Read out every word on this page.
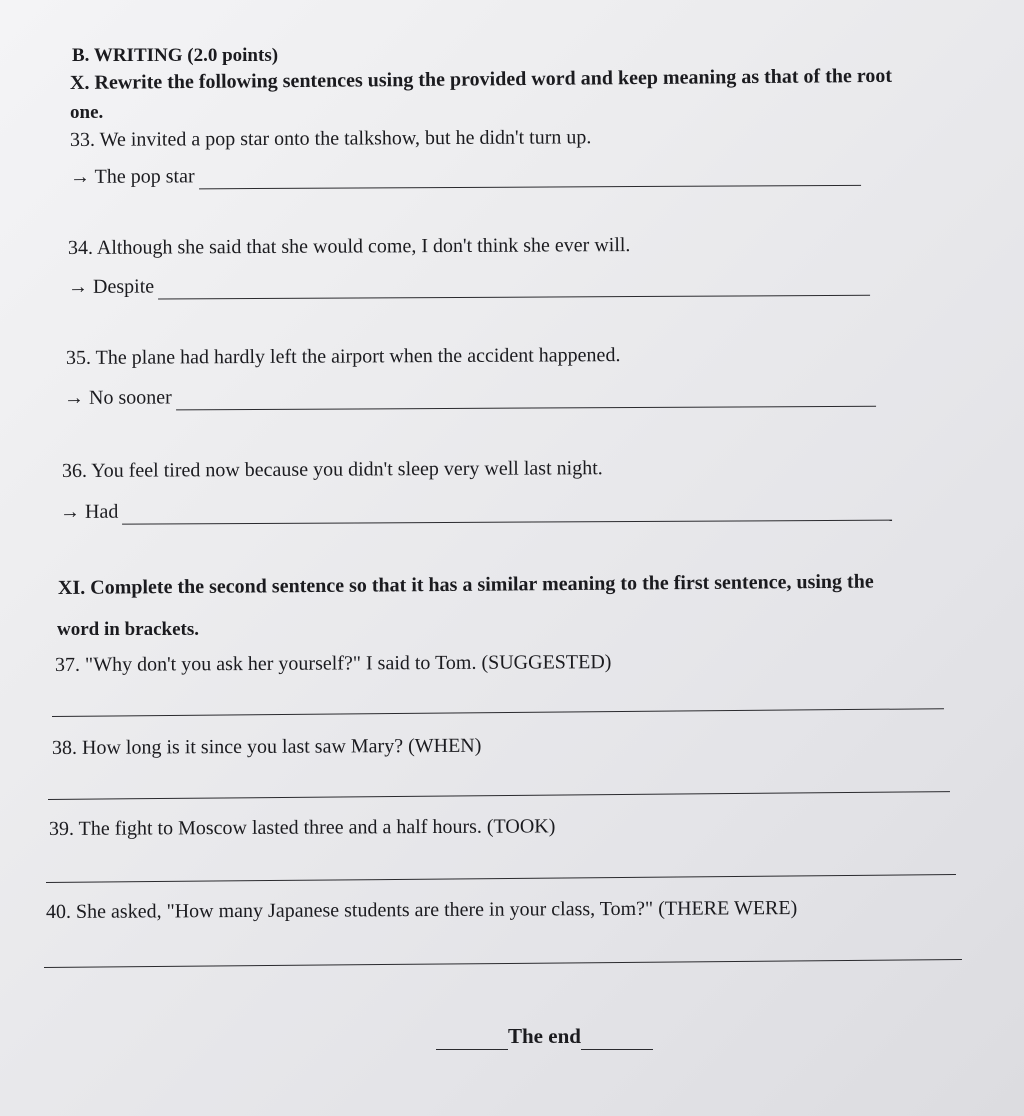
B. WRITING (2.0 points)
X. Rewrite the following sentences using the provided word and keep meaning as that of the root
one.
33. We invited a pop star onto the talkshow, but he didn't turn up.
→ The pop star
34. Although she said that she would come, I don't think she ever will.
→ Despite
35. The plane had hardly left the airport when the accident happened.
→ No sooner
36. You feel tired now because you didn't sleep very well last night.
→ Had
XI. Complete the second sentence so that it has a similar meaning to the first sentence, using the
word in brackets.
37. "Why don't you ask her yourself?" I said to Tom. (SUGGESTED)
38. How long is it since you last saw Mary? (WHEN)
39. The fight to Moscow lasted three and a half hours. (TOOK)
40. She asked, "How many Japanese students are there in your class, Tom?" (THERE WERE)
The end
